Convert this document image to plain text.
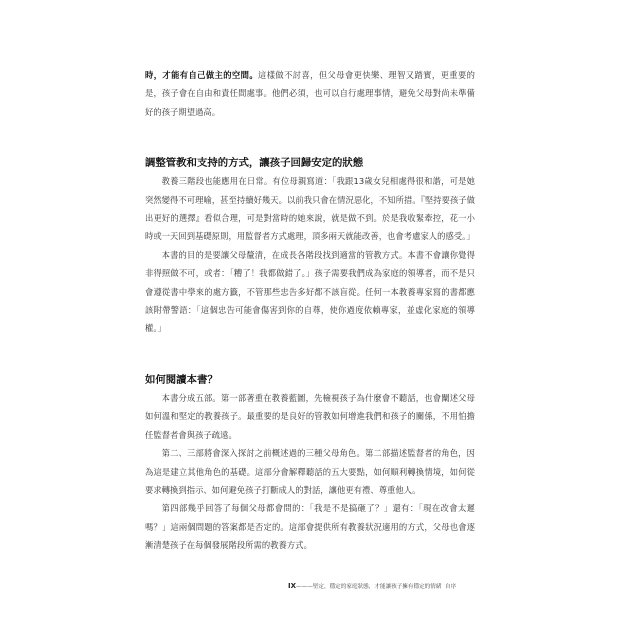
時，才能有自己做主的空間。這樣做不討喜，但父母會更快樂、理智又踏實，更重要的是，孩子會在自由和責任間處事。他們必須，也可以自行處理事情，避免父母對尚未準備好的孩子期望過高。

調整管教和支持的方式，讓孩子回歸安定的狀態

教養三階段也能應用在日常。有位母親寫道：「我跟13歲女兒相處得很和諧，可是她突然變得不可理喻，甚至持續好幾天。以前我只會在情況惡化，不知所措。『堅持要孩子做出更好的選擇』看似合理，可是對當時的她來說，就是做不到。於是我收緊牽控，花一小時或一天回到基礎原則，用監督者方式處理，頂多兩天就能改善，也會考慮家人的感受。」

本書的目的是要讓父母釐清，在成長各階段找到適當的管教方式。本書不會讓你覺得非得照做不可，或者：「糟了！我都做錯了。」孩子需要我們成為家庭的領導者，而不是只會遵從書中學來的處方籤，不管那些忠告多好都不該盲從。任何一本教養專家寫的書都應該附帶警語：「這個忠告可能會傷害到你的自尊，使你過度依賴專家，並虛化家庭的領導權。」

如何閱讀本書？

本書分成五部。第一部著重在教養藍圖，先檢視孩子為什麼會不聽話，也會闡述父母如何溫和堅定的教養孩子。最重要的是良好的管教如何增進我們和孩子的關係，不用怕擔任監督者會與孩子疏遠。

第二、三部將會深入探討之前概述過的三種父母角色。第二部描述監督者的角色，因為這是建立其他角色的基礎。這部分會解釋聽話的五大要點，如何順利轉換情境，如何從要求轉換到指示、如何避免孩子打斷成人的對話，讓他更有禮、尊重他人。

第四部幾乎回答了每個父母都會問的：「我是不是搞砸了？」還有：「現在改會太遲嗎？」這兩個問題的答案都是否定的。這部會提供所有教養狀況適用的方式，父母也會逐漸清楚孩子在每個發展階段所需的教養方式。

IX———堅定，穩定的家庭狀態，才能讓孩子擁有穩定的情緒 自序
